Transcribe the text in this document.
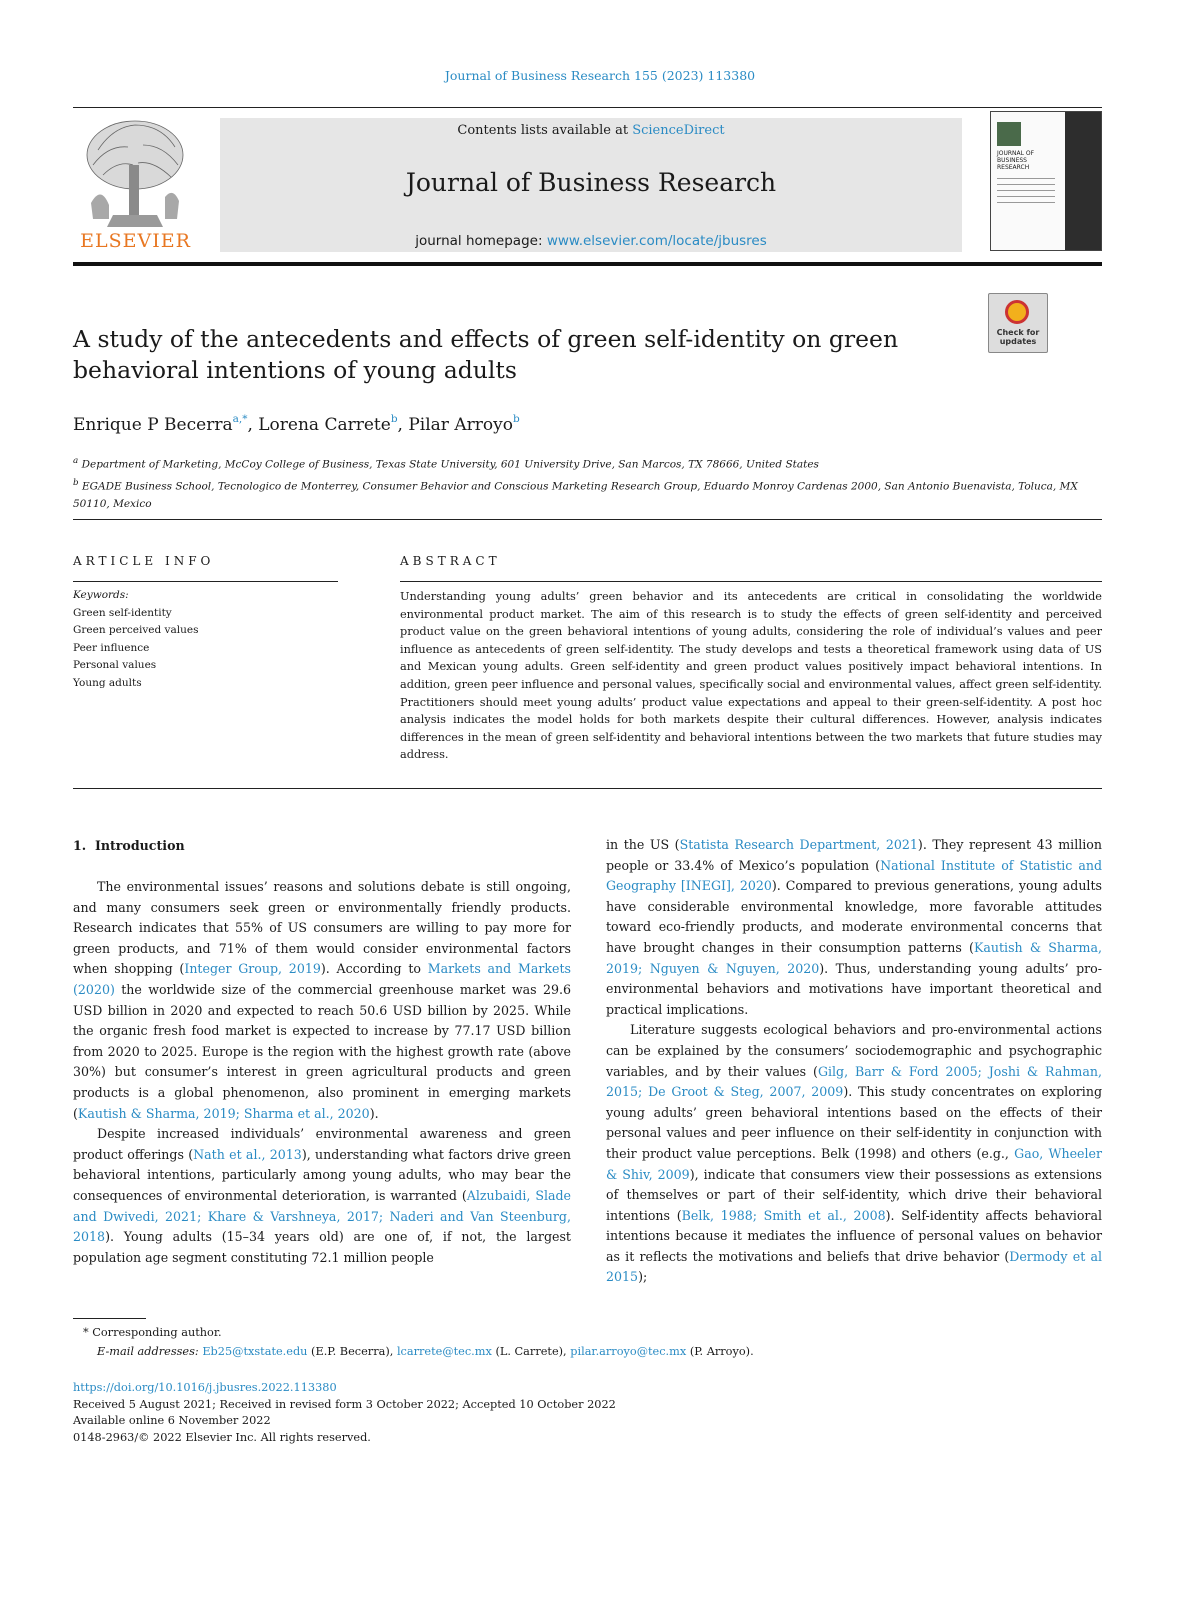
Journal of Business Research 155 (2023) 113380
ELSEVIER
Contents lists available at ScienceDirect
Journal of Business Research
journal homepage: www.elsevier.com/locate/jbusres
JOURNAL OF BUSINESS RESEARCH
Check for
updates
A study of the antecedents and effects of green self-identity on green behavioral intentions of young adults
Enrique P Becerra$^{a,*}$, Lorena Carrete$^b$, Pilar Arroyo$^b$
$^a$ Department of Marketing, McCoy College of Business, Texas State University, 601 University Drive, San Marcos, TX 78666, United States
$^b$ EGADE Business School, Tecnologico de Monterrey, Consumer Behavior and Conscious Marketing Research Group, Eduardo Monroy Cardenas 2000, San Antonio Buenavista, Toluca, MX 50110, Mexico
ARTICLE INFO	ABSTRACT
Keywords:
Green self-identity
Green perceived values
Peer influence
Personal values
Young adults
Understanding young adults’ green behavior and its antecedents are critical in consolidating the worldwide environmental product market. The aim of this research is to study the effects of green self-identity and perceived product value on the green behavioral intentions of young adults, considering the role of individual’s values and peer influence as antecedents of green self-identity. The study develops and tests a theoretical framework using data of US and Mexican young adults. Green self-identity and green product values positively impact behavioral intentions. In addition, green peer influence and personal values, specifically social and environmental values, affect green self-identity. Practitioners should meet young adults’ product value expectations and appeal to their green-self-identity. A post hoc analysis indicates the model holds for both markets despite their cultural differences. However, analysis indicates differences in the mean of green self-identity and behavioral intentions between the two markets that future studies may address.
1. Introduction

The environmental issues’ reasons and solutions debate is still ongoing, and many consumers seek green or environmentally friendly products. Research indicates that 55% of US consumers are willing to pay more for green products, and 71% of them would consider environmental factors when shopping (Integer Group, 2019). According to Markets and Markets (2020) the worldwide size of the commercial greenhouse market was 29.6 USD billion in 2020 and expected to reach 50.6 USD billion by 2025. While the organic fresh food market is expected to increase by 77.17 USD billion from 2020 to 2025. Europe is the region with the highest growth rate (above 30%) but consumer’s interest in green agricultural products and green products is a global phenomenon, also prominent in emerging markets (Kautish & Sharma, 2019; Sharma et al., 2020).

Despite increased individuals’ environmental awareness and green product offerings (Nath et al., 2013), understanding what factors drive green behavioral intentions, particularly among young adults, who may bear the consequences of environmental deterioration, is warranted (Alzubaidi, Slade and Dwivedi, 2021; Khare & Varshneya, 2017; Naderi and Van Steenburg, 2018). Young adults (15–34 years old) are one of, if not, the largest population age segment constituting 72.1 million people

in the US (Statista Research Department, 2021). They represent 43 million people or 33.4% of Mexico’s population (National Institute of Statistic and Geography [INEGI], 2020). Compared to previous generations, young adults have considerable environmental knowledge, more favorable attitudes toward eco-friendly products, and moderate environmental concerns that have brought changes in their consumption patterns (Kautish & Sharma, 2019; Nguyen & Nguyen, 2020). Thus, understanding young adults’ pro-environmental behaviors and motivations have important theoretical and practical implications.

Literature suggests ecological behaviors and pro-environmental actions can be explained by the consumers’ sociodemographic and psychographic variables, and by their values (Gilg, Barr & Ford 2005; Joshi & Rahman, 2015; De Groot & Steg, 2007, 2009). This study concentrates on exploring young adults’ green behavioral intentions based on the effects of their personal values and peer influence on their self-identity in conjunction with their product value perceptions. Belk (1998) and others (e.g., Gao, Wheeler & Shiv, 2009), indicate that consumers view their possessions as extensions of themselves or part of their self-identity, which drive their behavioral intentions (Belk, 1988; Smith et al., 2008). Self-identity affects behavioral intentions because it mediates the influence of personal values on behavior as it reflects the motivations and beliefs that drive behavior (Dermody et al 2015);

* Corresponding author.
E-mail addresses: Eb25@txstate.edu (E.P. Becerra), lcarrete@tec.mx (L. Carrete), pilar.arroyo@tec.mx (P. Arroyo).
https://doi.org/10.1016/j.jbusres.2022.113380
Received 5 August 2021; Received in revised form 3 October 2022; Accepted 10 October 2022
Available online 6 November 2022
0148-2963/© 2022 Elsevier Inc. All rights reserved.
